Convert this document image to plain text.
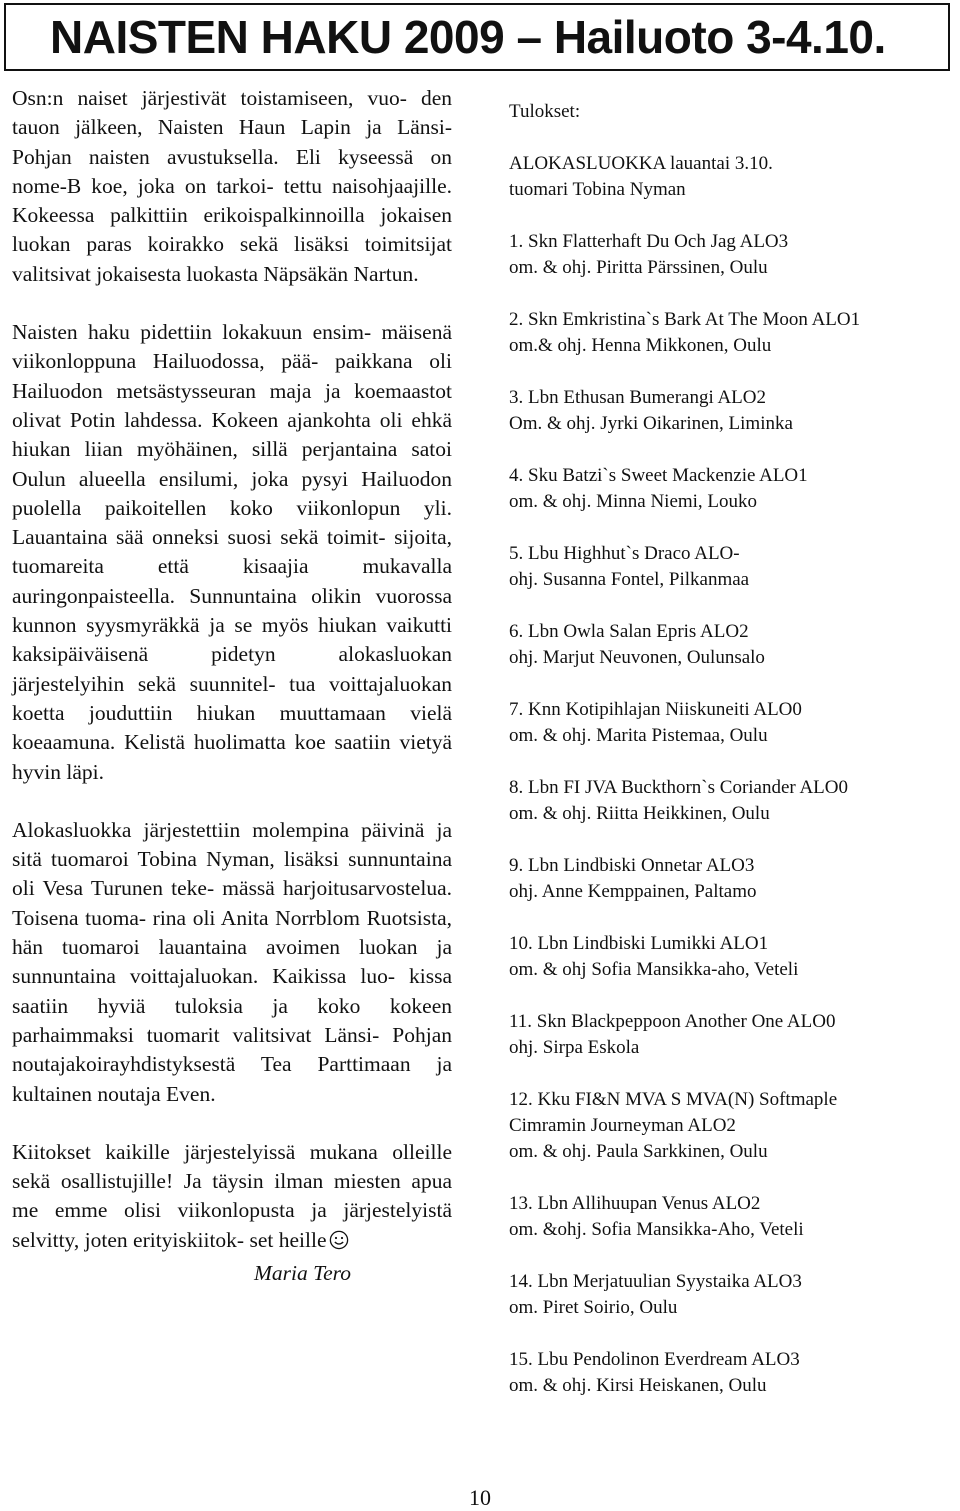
NAISTEN HAKU 2009 – Hailuoto 3-4.10.

Osn:n naiset järjestivät toistamiseen, vuo- den tauon jälkeen, Naisten Haun Lapin ja Länsi-Pohjan naisten avustuksella. Eli kyseessä on nome-B koe, joka on tarkoi- tettu naisohjaajille. Kokeessa palkittiin erikoispalkinnoilla jokaisen luokan paras koirakko sekä lisäksi toimitsijat valitsivat jokaisesta luokasta Näpsäkän Nartun.

Naisten haku pidettiin lokakuun ensim- mäisenä viikonloppuna Hailuodossa, pää- paikkana oli Hailuodon metsästysseuran maja ja koemaastot olivat Potin lahdessa. Kokeen ajankohta oli ehkä hiukan liian myöhäinen, sillä perjantaina satoi Oulun alueella ensilumi, joka pysyi Hailuodon puolella paikoitellen koko viikonlopun yli. Lauantaina sää onneksi suosi sekä toimit- sijoita, tuomareita että kisaajia mukavalla auringonpaisteella. Sunnuntaina olikin vuorossa kunnon syysmyräkkä ja se myös hiukan vaikutti kaksipäiväisenä pidetyn	alokasluokan järjestelyihin sekä suunnitel- tua voittajaluokan koetta jouduttiin hiukan muuttamaan vielä koeaamuna. Kelistä huolimatta koe saatiin vietyä hyvin läpi.

Alokasluokka järjestettiin molempina päivinä ja sitä tuomaroi Tobina Nyman, lisäksi sunnuntaina oli Vesa Turunen teke- mässä harjoitusarvostelua. Toisena tuoma- rina oli Anita Norrblom Ruotsista, hän tuomaroi lauantaina avoimen luokan ja sunnuntaina voittajaluokan. Kaikissa luo- kissa saatiin hyviä tuloksia ja koko kokeen parhaimmaksi tuomarit valitsivat Länsi- Pohjan noutajakoirayhdistyksestä Tea Parttimaan ja kultainen noutaja Even.

Kiitokset kaikille järjestelyissä mukana olleille sekä osallistujille! Ja täysin ilman miesten apua me emme olisi viikonlopusta ja järjestelyistä selvitty, joten erityiskiitok- set heille
Maria Tero

Tulokset:
ALOKASLUOKKA lauantai 3.10.
tuomari Tobina Nyman
1. Skn Flatterhaft Du Och Jag ALO3
om. & ohj. Piritta Pärssinen, Oulu
2. Skn Emkristina`s Bark At The Moon ALO1
om.& ohj. Henna Mikkonen, Oulu
3. Lbn Ethusan Bumerangi ALO2
Om. & ohj. Jyrki Oikarinen, Liminka
4. Sku Batzi`s Sweet Mackenzie ALO1
om. & ohj. Minna Niemi, Louko
5. Lbu Highhut`s Draco ALO-
ohj. Susanna Fontel, Pilkanmaa
6. Lbn Owla Salan Epris ALO2
ohj. Marjut Neuvonen, Oulunsalo
7. Knn Kotipihlajan Niiskuneiti ALO0
om. & ohj. Marita Pistemaa, Oulu
8. Lbn FI JVA Buckthorn`s Coriander ALO0
om. & ohj. Riitta Heikkinen, Oulu
9. Lbn Lindbiski Onnetar ALO3
ohj. Anne Kemppainen, Paltamo
10. Lbn Lindbiski Lumikki ALO1
om. & ohj Sofia Mansikka-aho, Veteli
11. Skn Blackpeppoon Another One ALO0
ohj. Sirpa Eskola
12. Kku FI&N MVA S MVA(N) Softmaple
Cimramin Journeyman ALO2
om. & ohj. Paula Sarkkinen, Oulu
13. Lbn Allihuupan Venus ALO2
om. &ohj. Sofia Mansikka-Aho, Veteli
14. Lbn Merjatuulian Syystaika ALO3
om. Piret Soirio, Oulu
15. Lbu Pendolinon Everdream ALO3
om. & ohj. Kirsi Heiskanen, Oulu
10
